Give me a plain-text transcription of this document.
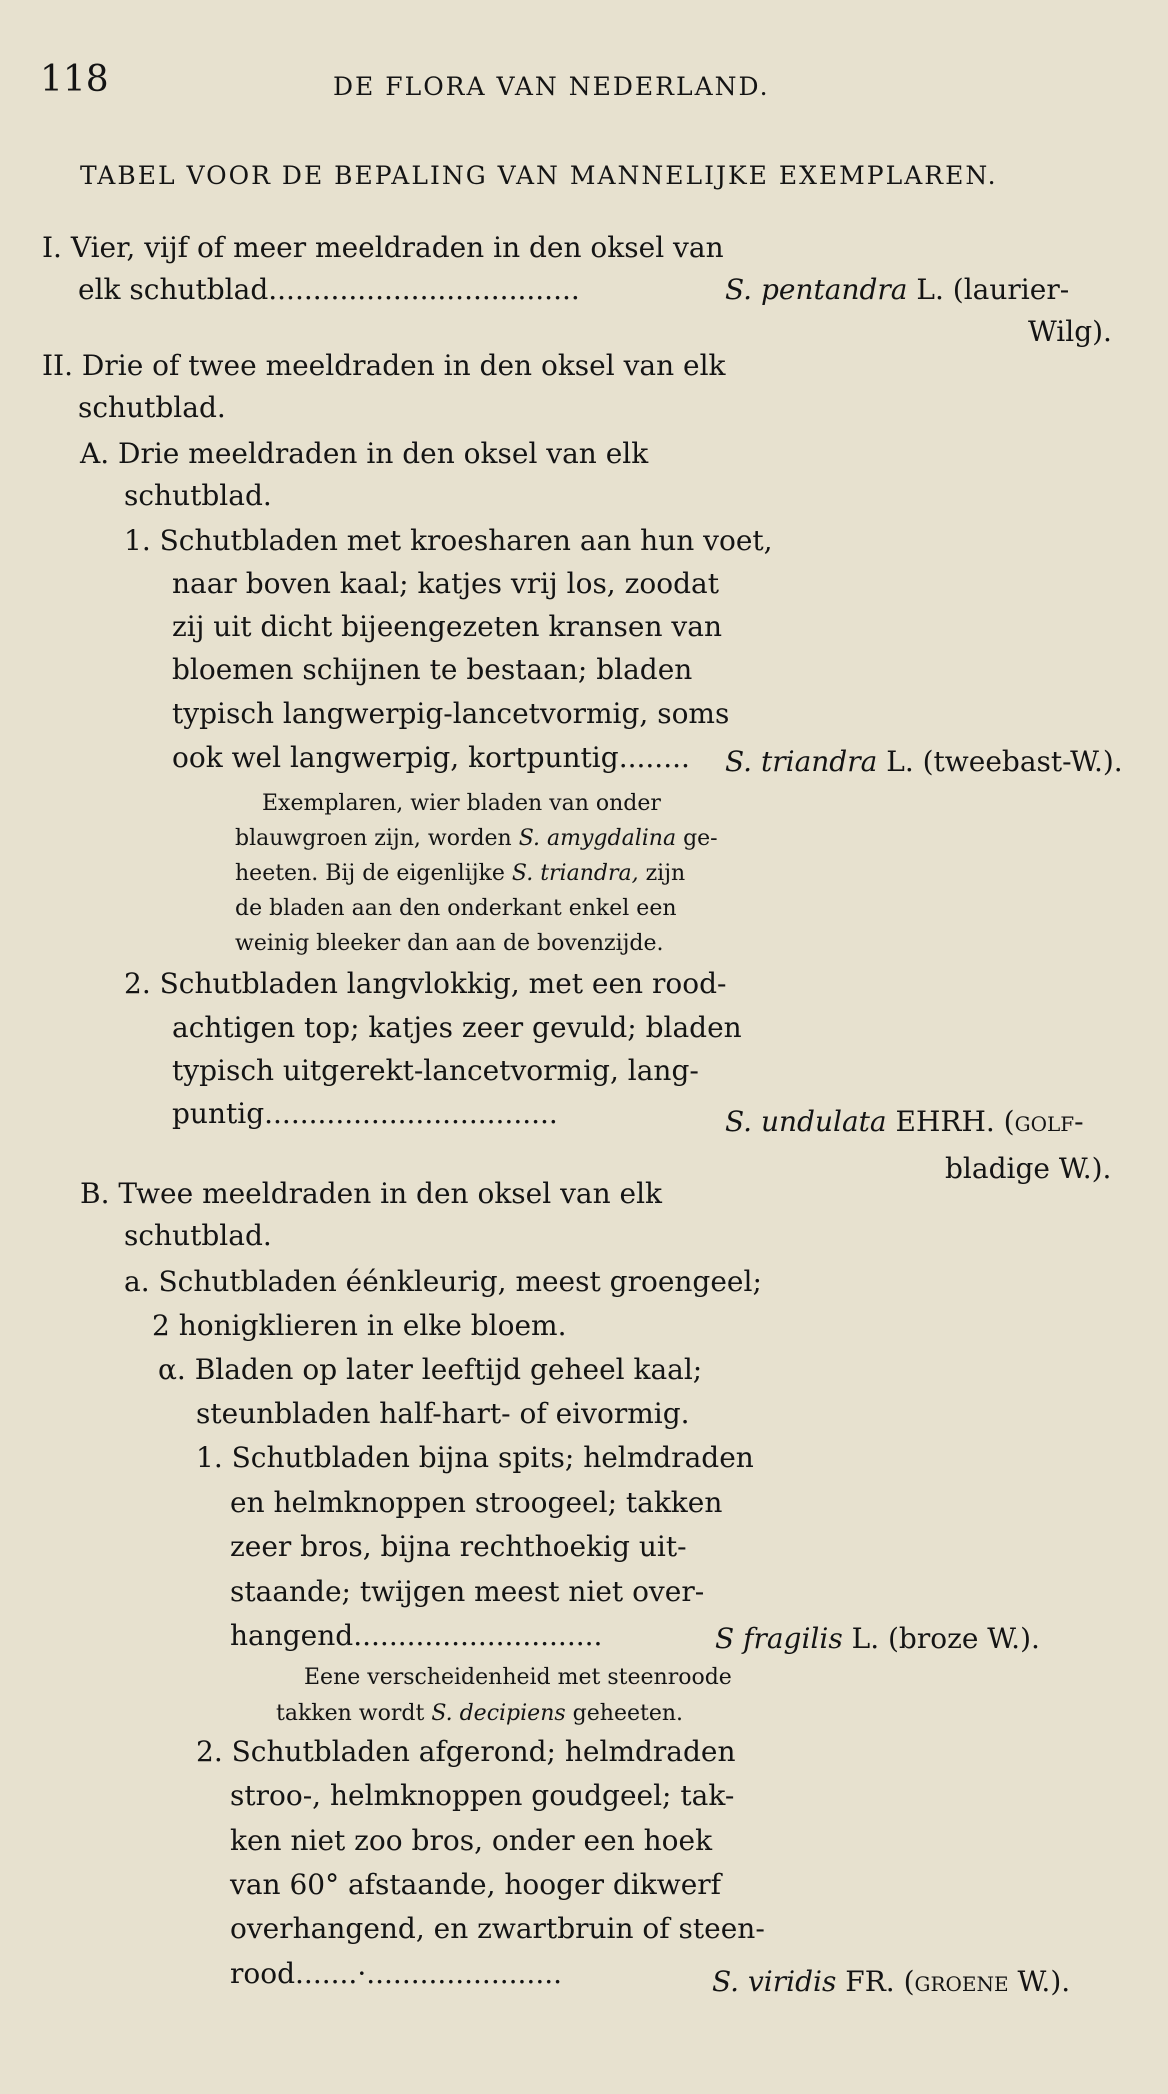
118	DE FLORA VAN NEDERLAND.
TABEL VOOR DE BEPALING VAN MANNELIJKE EXEMPLAREN.
I. Vier, vijf of meer meeldraden in den oksel van
elk schutblad...................................	S. pentandra L. (laurier-
Wilg).
II. Drie of twee meeldraden in den oksel van elk
schutblad.
A. Drie meeldraden in den oksel van elk
schutblad.
1. Schutbladen met kroesharen aan hun voet,
naar boven kaal; katjes vrij los, zoodat
zij uit dicht bijeengezeten kransen van
bloemen schijnen te bestaan; bladen
typisch langwerpig-lancetvormig, soms
ook wel langwerpig, kortpuntig........ S. triandra L. (tweebast-W.).
Exemplaren, wier bladen van onder
blauwgroen zijn, worden S. amygdalina ge-
heeten. Bij de eigenlijke S. triandra, zijn
de bladen aan den onderkant enkel een
weinig bleeker dan aan de bovenzijde.
2. Schutbladen langvlokkig, met een rood-
achtigen top; katjes zeer gevuld; bladen
typisch uitgerekt-lancetvormig, lang-
puntig.................................	S. undulata EHRH. (golf-
bladige W.).
B. Twee meeldraden in den oksel van elk
schutblad.
a. Schutbladen éénkleurig, meest groengeel;
2 honigklieren in elke bloem.
α. Bladen op later leeftijd geheel kaal;
steunbladen half-hart- of eivormig.
1. Schutbladen bijna spits; helmdraden
en helmknoppen stroogeel; takken
zeer bros, bijna rechthoekig uit-
staande; twijgen meest niet over-
hangend............................	S fragilis L. (broze W.).
Eene verscheidenheid met steenroode
takken wordt S. decipiens geheeten.
2. Schutbladen afgerond; helmdraden
stroo-, helmknoppen goudgeel; tak-
ken niet zoo bros, onder een hoek
van 60° afstaande, hooger dikwerf
overhangend, en zwartbruin of steen-
rood.......·......................	S. viridis FR. (groene W.).
